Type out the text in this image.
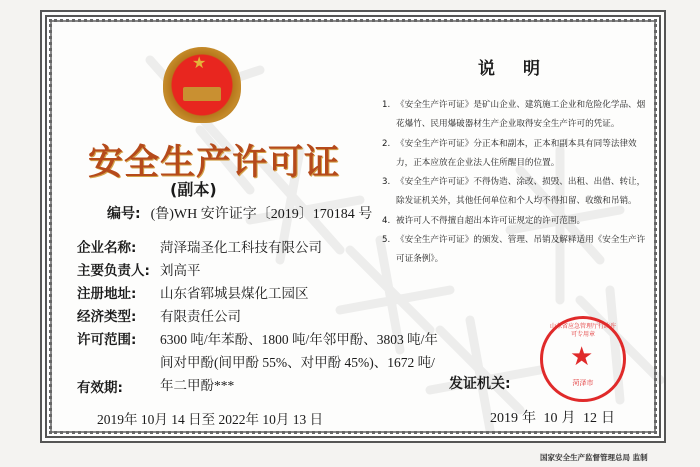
★
安全生产许可证
(副本)
编号: (鲁)WH 安许证字〔2019〕170184 号
企业名称:	菏泽瑞圣化工科技有限公司
主要负责人: 刘高平
注册地址:	山东省郓城县煤化工园区
经济类型:	有限责任公司
许可范围:	6300 吨/年苯酚、1800 吨/年邻甲酚、3803 吨/年间对甲酚(间甲酚 55%、对甲酚 45%)、1672 吨/年二甲酚***
有效期:
2019年 10月 14 日至 2022年 10月 13 日
说明
1. 《安全生产许可证》是矿山企业、建筑施工企业和危险化学品、烟花爆竹、民用爆破器材生产企业取得安全生产许可的凭证。
2. 《安全生产许可证》分正本和副本，正本和副本具有同等法律效力，正本应放在企业法人住所醒目的位置。
3. 《安全生产许可证》不得伪造、涂改、损毁、出租、出借、转让，除发证机关外，其他任何单位和个人均不得扣留、收缴和吊销。
4. 被许可人不得擅自超出本许可证规定的许可范围。
5. 《安全生产许可证》的颁发、管理、吊销及解释适用《安全生产许可证条例》。
发证机关:
山东省应急管理厅行政许可专用章
★
菏泽市
2019 年 10 月 12 日
国家安全生产监督管理总局 监制
